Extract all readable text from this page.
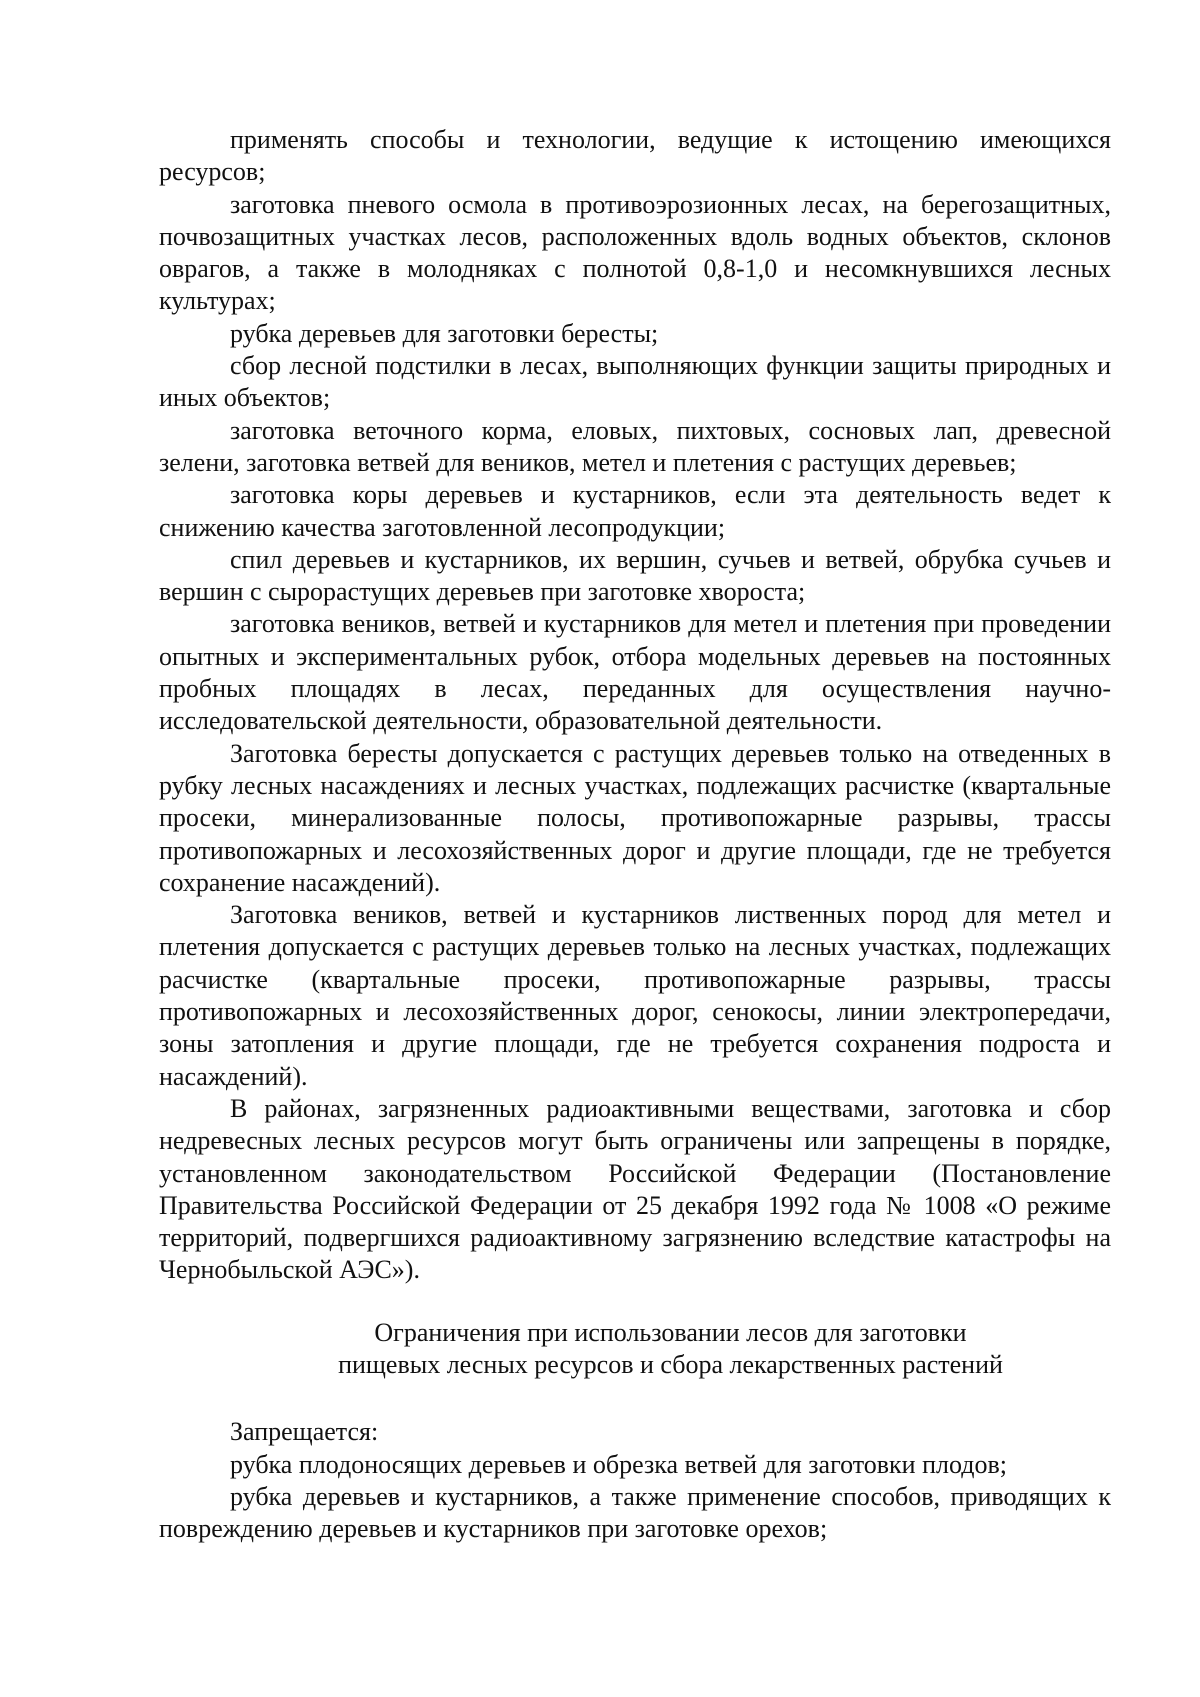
применять способы и технологии, ведущие к истощению имеющихся ресурсов;

заготовка пневого осмола в противоэрозионных лесах, на берегозащитных, почвозащитных участках лесов, расположенных вдоль водных объектов, склонов оврагов, а также в молодняках с полнотой 0,8-1,0 и несомкнувшихся лесных культурах;

рубка деревьев для заготовки бересты;

сбор лесной подстилки в лесах, выполняющих функции защиты природных и иных объектов;

заготовка веточного корма, еловых, пихтовых, сосновых лап, древесной зелени, заготовка ветвей для веников, метел и плетения с растущих деревьев;

заготовка коры деревьев и кустарников, если эта деятельность ведет к снижению качества заготовленной лесопродукции;

спил деревьев и кустарников, их вершин, сучьев и ветвей, обрубка сучьев и вершин с сырорастущих деревьев при заготовке хвороста;

заготовка веников, ветвей и кустарников для метел и плетения при проведении опытных и экспериментальных рубок, отбора модельных деревьев на постоянных пробных площадях в лесах, переданных для осуществления научно-исследовательской деятельности, образовательной деятельности.

Заготовка бересты допускается с растущих деревьев только на отведенных в рубку лесных насаждениях и лесных участках, подлежащих расчистке (квартальные просеки, минерализованные полосы, противопожарные разрывы, трассы противопожарных и лесохозяйственных дорог и другие площади, где не требуется сохранение насаждений).

Заготовка веников, ветвей и кустарников лиственных пород для метел и плетения допускается с растущих деревьев только на лесных участках, подлежащих расчистке (квартальные просеки, противопожарные разрывы, трассы противопожарных и лесохозяйственных дорог, сенокосы, линии электропередачи, зоны затопления и другие площади, где не требуется сохранения подроста и насаждений).

В районах, загрязненных радиоактивными веществами, заготовка и сбор недревесных лесных ресурсов могут быть ограничены или запрещены в порядке, установленном законодательством Российской Федерации (Постановление Правительства Российской Федерации от 25 декабря 1992 года № 1008 «О режиме территорий, подвергшихся радиоактивному загрязнению вследствие катастрофы на Чернобыльской АЭС»).

Ограничения при использовании лесов для заготовки
пищевых лесных ресурсов и сбора лекарственных растений

Запрещается:

рубка плодоносящих деревьев и обрезка ветвей для заготовки плодов;

рубка деревьев и кустарников, а также применение способов, приводящих к повреждению деревьев и кустарников при заготовке орехов;
